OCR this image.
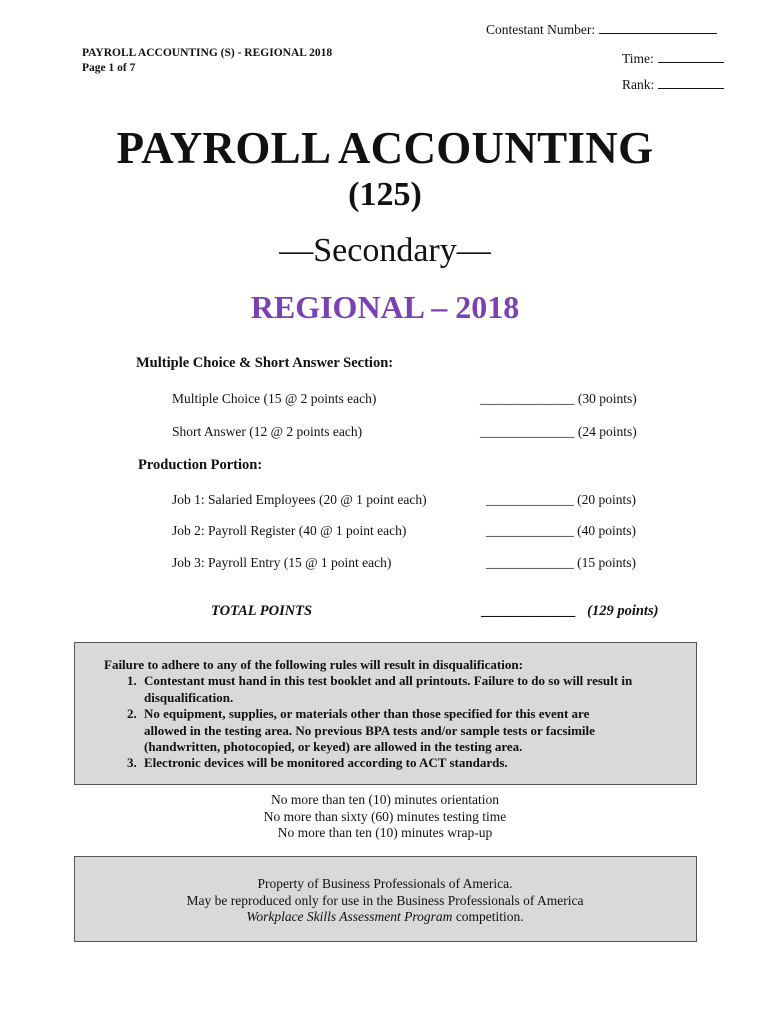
PAYROLL ACCOUNTING (S) - REGIONAL 2018
Page 1 of 7
Contestant Number:
Time:
Rank:
PAYROLL ACCOUNTING
(125)
—Secondary—
REGIONAL – 2018
Multiple Choice & Short Answer Section:
Multiple Choice (15 @ 2 points each)	______________ (30 points)
Short Answer (12 @ 2 points each)	______________ (24 points)
Production Portion:
Job 1: Salaried Employees (20 @ 1 point each)	_____________ (20 points)
Job 2: Payroll Register (40 @ 1 point each)	_____________ (40 points)
Job 3: Payroll Entry (15 @ 1 point each)	_____________ (15 points)
TOTAL POINTS	_____________   (129 points)
Failure to adhere to any of the following rules will result in disqualification:

1. Contestant must hand in this test booklet and all printouts. Failure to do so will result in

disqualification.

2. No equipment, supplies, or materials other than those specified for this event are

allowed in the testing area. No previous BPA tests and/or sample tests or facsimile

(handwritten, photocopied, or keyed) are allowed in the testing area.

3. Electronic devices will be monitored according to ACT standards.

No more than ten (10) minutes orientation
No more than sixty (60) minutes testing time
No more than ten (10) minutes wrap-up
Property of Business Professionals of America.
May be reproduced only for use in the Business Professionals of America
Workplace Skills Assessment Program competition.
